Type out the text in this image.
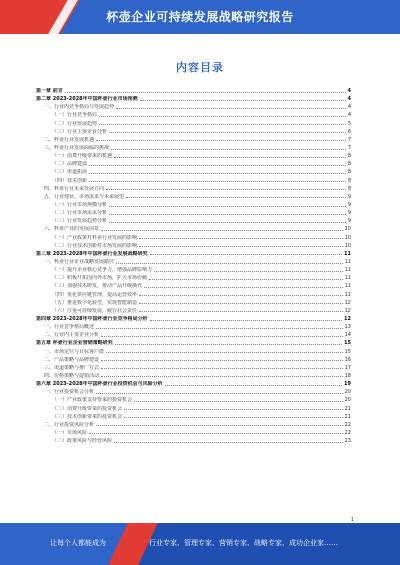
杯壶企业可持续发展战略研究报告
内容目录
第一章 前言	4
第二章 2023-2028年中国杯壶行业市场预测	4
一、行业内竞争格局与发展趋势	4
（一）行业竞争格局	4
（二）行业发展趋势	5
（三）行业主要企业分析	6
二、杯壶行业发展机遇	7
三、杯壶行业发展面临的挑战	7
（一）消费升级带来的机遇	8
（二）品牌建设	8
（三）渠道拓展	8
（四）技术创新	8
四、杯壶行业未来发展方向	8
五、行业现状、市场需求与未来展望	9
（一）行业市场规模分析	9
（二）行业市场需求分析	9
（三）行业发展趋势分析	9
六、杯壶产业的发展前景	10
（一）产业政策对杯壶行业发展的影响	10
（二）行业技术创新对市场发展的影响	10
第三章 2023-2028年中国杯壶行业发展战略研究	11
一、杯壶行业企业战略发展路径	11
（一）提升企业核心竞争力，增强品牌影响力	11
（二）积极开拓国内外市场，扩大市场份额	11
（三）加强技术研发，推动产品升级换代	11
（四）优化供应链管理，提高运营效率	11
（五）推进数字化转型，实现智能制造	12
（六）注重可持续发展，履行社会责任	12
第四章 2023-2028年中国杯壶行业竞争格局分析	12
一、行业竞争格局概述	13
二、行业内主要企业分析	14
第五章 杯壶行业企业营销策略研究	15
一、市场定位与目标客户群	15
二、产品策略与品牌建设	16
三、渠道策略与推广方式	17
四、价格策略与促销活动	18
第六章 2023-2028年中国杯壶行业投资机会与风险分析	19
一、行业投资机会分析	20
（一）产业政策支持带来的投资机会	20
（二）消费升级带来的投资机会	21
（三）技术创新带来的投资机会	21
二、行业投资风险分析	22
（一）市场风险	22
（二）政策风险与经营风险	23
1
让每个人都能成为	行业专家、管理专家、营销专家、战略专家、成功企业家……
